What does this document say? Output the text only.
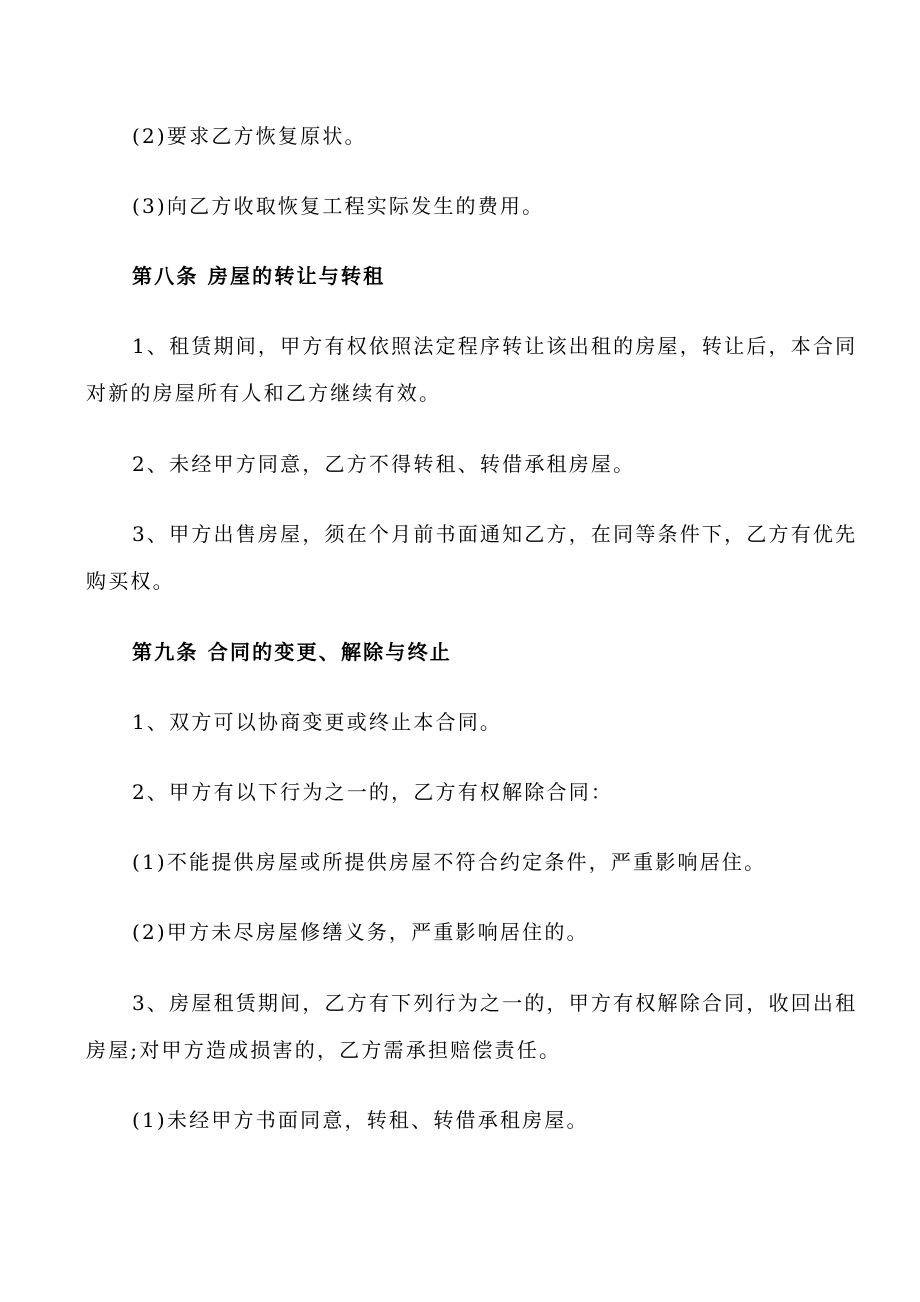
(2)要求乙方恢复原状。
(3)向乙方收取恢复工程实际发生的费用。
第八条 房屋的转让与转租
1、租赁期间，甲方有权依照法定程序转让该出租的房屋，转让后，本合同
对新的房屋所有人和乙方继续有效。
2、未经甲方同意，乙方不得转租、转借承租房屋。
3、甲方出售房屋，须在个月前书面通知乙方，在同等条件下，乙方有优先
购买权。
第九条 合同的变更、解除与终止
1、双方可以协商变更或终止本合同。
2、甲方有以下行为之一的，乙方有权解除合同：
(1)不能提供房屋或所提供房屋不符合约定条件，严重影响居住。
(2)甲方未尽房屋修缮义务，严重影响居住的。
3、房屋租赁期间，乙方有下列行为之一的，甲方有权解除合同，收回出租
房屋;对甲方造成损害的，乙方需承担赔偿责任。
(1)未经甲方书面同意，转租、转借承租房屋。
